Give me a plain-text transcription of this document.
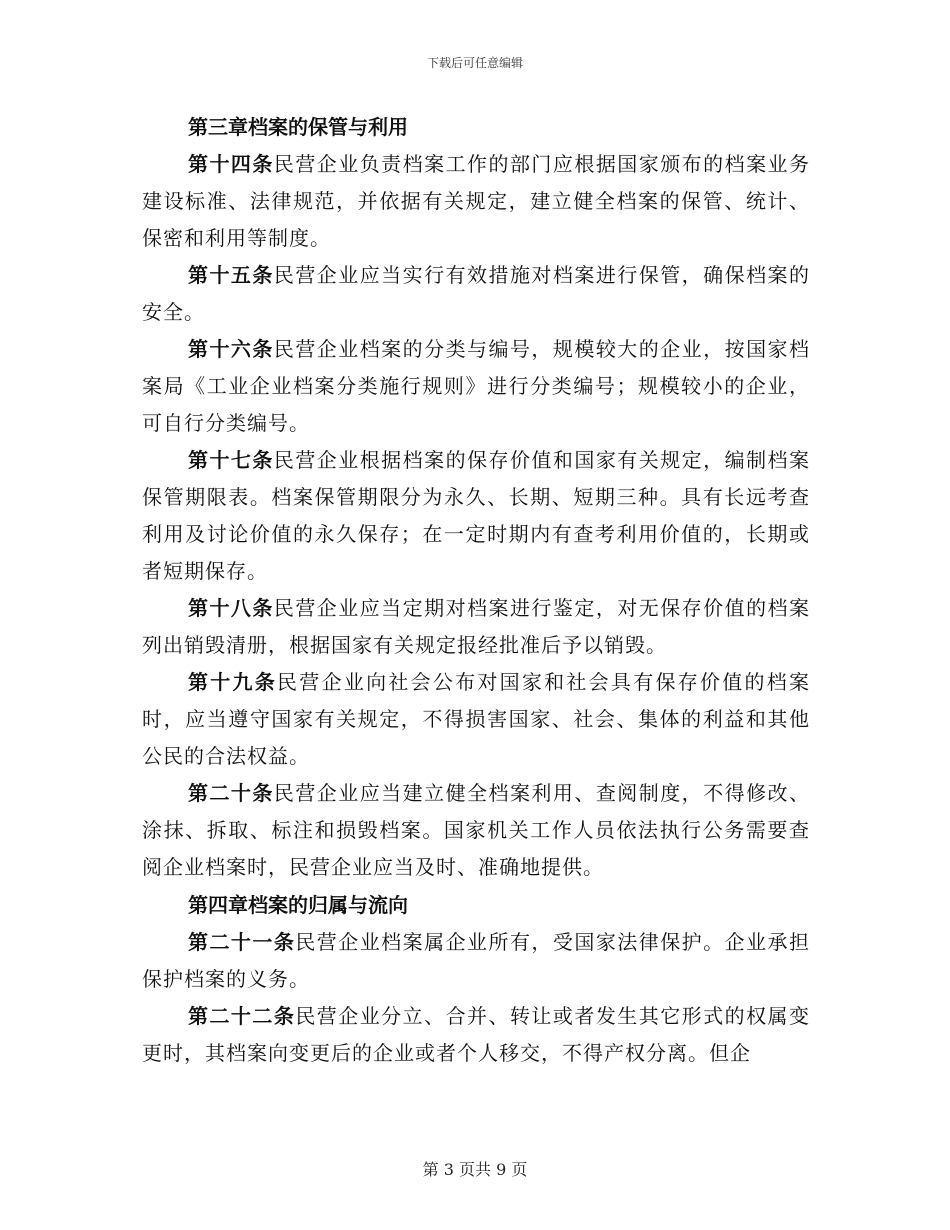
下载后可任意编辑

第三章档案的保管与利用

第十四条民营企业负责档案工作的部门应根据国家颁布的档案业务建设标准、法律规范，并依据有关规定，建立健全档案的保管、统计、保密和利用等制度。

第十五条民营企业应当实行有效措施对档案进行保管，确保档案的安全。

第十六条民营企业档案的分类与编号，规模较大的企业，按国家档案局《工业企业档案分类施行规则》进行分类编号；规模较小的企业，可自行分类编号。

第十七条民营企业根据档案的保存价值和国家有关规定，编制档案保管期限表。档案保管期限分为永久、长期、短期三种。具有长远考查利用及讨论价值的永久保存；在一定时期内有查考利用价值的，长期或者短期保存。

第十八条民营企业应当定期对档案进行鉴定，对无保存价值的档案列出销毁清册，根据国家有关规定报经批准后予以销毁。

第十九条民营企业向社会公布对国家和社会具有保存价值的档案时，应当遵守国家有关规定，不得损害国家、社会、集体的利益和其他公民的合法权益。

第二十条民营企业应当建立健全档案利用、查阅制度，不得修改、涂抹、拆取、标注和损毁档案。国家机关工作人员依法执行公务需要查阅企业档案时，民营企业应当及时、准确地提供。

第四章档案的归属与流向

第二十一条民营企业档案属企业所有，受国家法律保护。企业承担保护档案的义务。

第二十二条民营企业分立、合并、转让或者发生其它形式的权属变更时，其档案向变更后的企业或者个人移交，不得产权分离。但企

第 3 页共 9 页
